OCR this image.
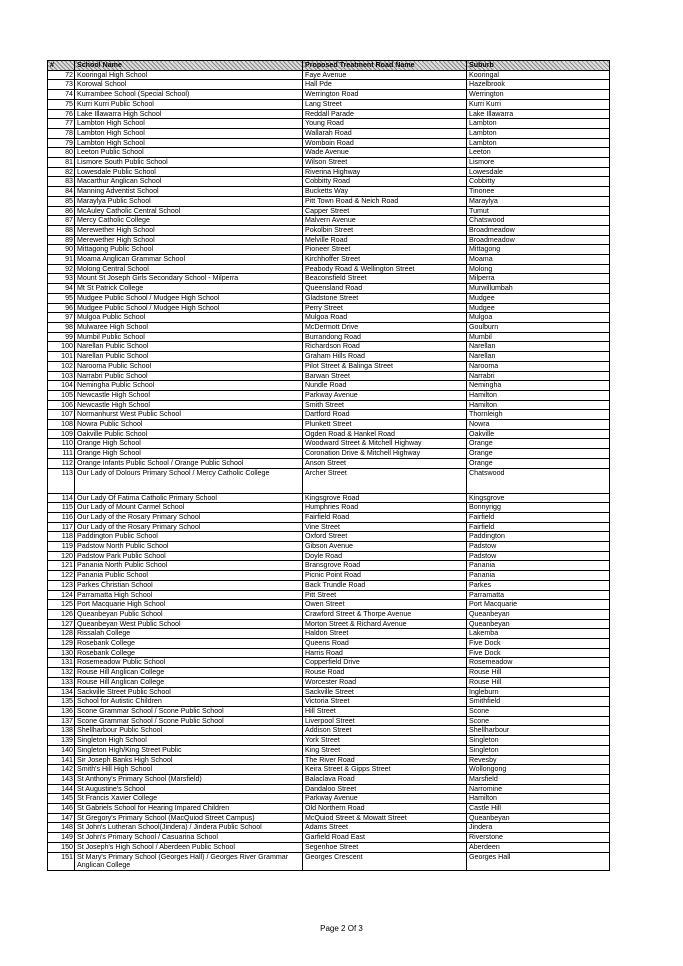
#	School Name	Proposed Treatment Road Name	Suburb
72	Kooringal High School	Faye Avenue	Kooringal
73	Korowal School	Hall Pde	Hazelbrook
74	Kurrambee School (Special School)	Werrington Road	Werrington
75	Kurri Kurri Public School	Lang Street	Kurri Kurri
76	Lake Illawarra High School	Reddall Parade	Lake Illawarra
77	Lambton High School	Young Road	Lambton
78	Lambton High School	Wallarah Road	Lambton
79	Lambton High School	Womboin Road	Lambton
80	Leeton Public School	Wade Avenue	Leeton
81	Lismore South Public School	Wilson Street	Lismore
82	Lowesdale Public School	Riverina Highway	Lowesdale
83	Macarthur Anglican School	Cobbitty Road	Cobbitty
84	Manning Adventist School	Bucketts Way	Tinonee
85	Maraylya Public School	Pitt Town Road & Neich Road	Maraylya
86	McAuley Catholic Central School	Capper Street	Tumut
87	Mercy Catholic College	Malvern Avenue	Chatswood
88	Merewether High School	Pokolbin Street	Broadmeadow
89	Merewether High School	Melville Road	Broadmeadow
90	Mittagong Public School	Pioneer Street	Mittagong
91	Moama Anglican Grammar School	Kirchhoffer Street	Moama
92	Molong Central School	Peabody Road & Wellington Street	Molong
93	Mount St Joseph Girls Secondary School - Milperra	Beaconsfield Street	Milperra
94	Mt St Patrick College	Queensland Road	Murwillumbah
95	Mudgee Public School / Mudgee High School	Gladstone Street	Mudgee
96	Mudgee Public School / Mudgee High School	Perry Street	Mudgee
97	Mulgoa Public School	Mulgoa Road	Mulgoa
98	Mulwaree High School	McDermott Drive	Goulburn
99	Mumbil Public School	Burrandong Road	Mumbil
100	Narellan Public School	Richardson Road	Narellan
101	Narellan Public School	Graham Hills Road	Narellan
102	Narooma Public School	Pilot Street & Balinga Street	Narooma
103	Narrabri Public School	Barwan Street	Narrabri
104	Nemingha Public School	Nundle Road	Nemingha
105	Newcastle High School	Parkway Avenue	Hamilton
106	Newcastle High School	Smith Street	Hamilton
107	Normanhurst West Public School	Dartford Road	Thornleigh
108	Nowra Public School	Plunkett Street	Nowra
109	Oakville Public School	Ogden Road & Hankel Road	Oakville
110	Orange High School	Woodward Street & Mitchell Highway	Orange
111	Orange High School	Coronation Drive & Mitchell Highway	Orange
112	Orange Infants Public School / Orange Public School	Anson Street	Orange
113	Our Lady of Dolours Primary School / Mercy Catholic College	Archer Street	Chatswood
114	Our Lady Of Fatima Catholic Primary School	Kingsgrove Road	Kingsgrove
115	Our Lady of Mount Carmel School	Humphries Road	Bonnyrigg
116	Our Lady of the Rosary Primary School	Fairfield Road	Fairfield
117	Our Lady of the Rosary Primary School	Vine Street	Fairfield
118	Paddington Public School	Oxford Street	Paddington
119	Padstow North Public School	Gibson Avenue	Padstow
120	Padstow Park Public School	Doyle Road	Padstow
121	Panania North Public School	Bransgrove Road	Panania
122	Panania Public School	Picnic Point Road	Panania
123	Parkes Christian School	Back Trundle Road	Parkes
124	Parramatta High School	Pitt Street	Parramatta
125	Port Macquarie High School	Owen Street	Port Macquarie
126	Queanbeyan Public School	Crawford Street & Thorpe Avenue	Queanbeyan
127	Queanbeyan West Public School	Morton Street & Richard Avenue	Queanbeyan
128	Rissalah College	Haldon Street	Lakemba
129	Rosebank College	Queens Road	Five Dock
130	Rosebank College	Harris Road	Five Dock
131	Rosemeadow Public School	Copperfield Drive	Rosemeadow
132	Rouse Hill Anglican College	Rouse Road	Rouse Hill
133	Rouse Hill Anglican College	Worcester Road	Rouse Hill
134	Sackville Street Public School	Sackville Street	Ingleburn
135	School for Autistic Children	Victoria Street	Smithfield
136	Scone Grammar School / Scone Public School	Hill Street	Scone
137	Scone Grammar School / Scone Public School	Liverpool Street	Scone
138	Shellharbour Public School	Addison Street	Shellharbour
139	Singleton High School	York Street	Singleton
140	Singleton High/King Street Public	King Street	Singleton
141	Sir Joseph Banks High School	The River Road	Revesby
142	Smith's Hill High School	Keira Street & Gipps Street	Wollongong
143	St Anthony's Primary School (Marsfield)	Balaclava Road	Marsfield
144	St Augustine's School	Dandaloo Street	Narromine
145	St Francis Xavier College	Parkway Avenue	Hamilton
146	St Gabriels School for Hearing Impared Children	Old Northern Road	Castle Hill
147	St Gregory's Primary School (MacQuiod Street Campus)	McQuiod Street & Mowatt Street	Queanbeyan
148	St John's Lutheran School(Jindera) / Jindera Public School	Adams Street	Jindera
149	St John's Primary School / Casuarina School	Garfield Road East	Riverstone
150	St Joseph's High School / Aberdeen Public School	Segenhoe Street	Aberdeen
151	St Mary's Primary School (Georges Hall) / Georges River Grammar Anglican College	Georges Crescent	Georges Hall
Page 2 Of 3
